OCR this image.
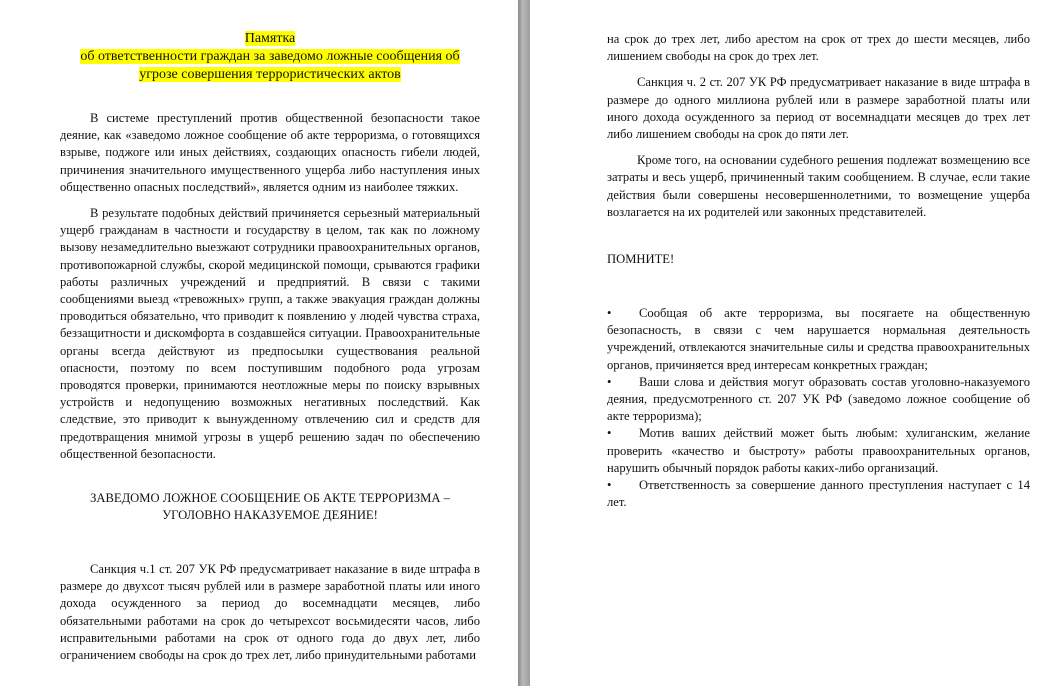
Памятка

об ответственности граждан за заведомо ложные сообщения об

угрозе совершения террористических актов

В системе преступлений против общественной безопасности такое деяние, как «заведомо ложное сообщение об акте терроризма, о готовящихся взрыве, поджоге или иных действиях, создающих опасность гибели людей, причинения значительного имущественного ущерба либо наступления иных общественно опасных последствий», является одним из наиболее тяжких.

В результате подобных действий причиняется серьезный материальный ущерб гражданам в частности и государству в целом, так как по ложному вызову незамедлительно выезжают сотрудники правоохранительных органов, противопожарной службы, скорой медицинской помощи, срываются графики работы различных учреждений и предприятий. В связи с такими сообщениями выезд «тревожных» групп, а также эвакуация граждан должны проводиться обязательно, что приводит к появлению у людей чувства страха, беззащитности и дискомфорта в создавшейся ситуации. Правоохранительные органы всегда действуют из предпосылки существования реальной опасности, поэтому по всем поступившим подобного рода угрозам проводятся проверки, принимаются неотложные меры по поиску взрывных устройств и недопущению возможных негативных последствий. Как следствие, это приводит к вынужденному отвлечению сил и средств для предотвращения мнимой угрозы в ущерб решению задач по обеспечению общественной безопасности.

ЗАВЕДОМО ЛОЖНОЕ СООБЩЕНИЕ ОБ АКТЕ ТЕРРОРИЗМА –

УГОЛОВНО НАКАЗУЕМОЕ ДЕЯНИЕ!

Санкция ч.1 ст. 207 УК РФ предусматривает наказание в виде штрафа в размере до двухсот тысяч рублей или в размере заработной платы или иного дохода осужденного за период до восемнадцати месяцев, либо обязательными работами на срок до четырехсот восьмидесяти часов, либо исправительными работами на срок от одного года до двух лет, либо ограничением свободы на срок до трех лет, либо принудительными работами

на срок до трех лет, либо арестом на срок от трех до шести месяцев, либо лишением свободы на срок до трех лет.

Санкция ч. 2 ст. 207 УК РФ предусматривает наказание в виде штрафа в размере до одного миллиона рублей или в размере заработной платы или иного дохода осужденного за период от восемнадцати месяцев до трех лет либо лишением свободы на срок до пяти лет.

Кроме того, на основании судебного решения подлежат возмещению все затраты и весь ущерб, причиненный таким сообщением. В случае, если такие действия были совершены несовершеннолетними, то возмещение ущерба возлагается на их родителей или законных представителей.

ПОМНИТЕ!

• Сообщая об акте терроризма, вы посягаете на общественную безопасность, в связи с чем нарушается нормальная деятельность учреждений, отвлекаются значительные силы и средства правоохранительных органов, причиняется вред интересам конкретных граждан;
• Ваши слова и действия могут образовать состав уголовно-наказуемого деяния, предусмотренного ст. 207 УК РФ (заведомо ложное сообщение об акте терроризма);
• Мотив ваших действий может быть любым: хулиганским, желание проверить «качество и быстроту» работы правоохранительных органов, нарушить обычный порядок работы каких-либо организаций.
• Ответственность за совершение данного преступления наступает с 14 лет.
